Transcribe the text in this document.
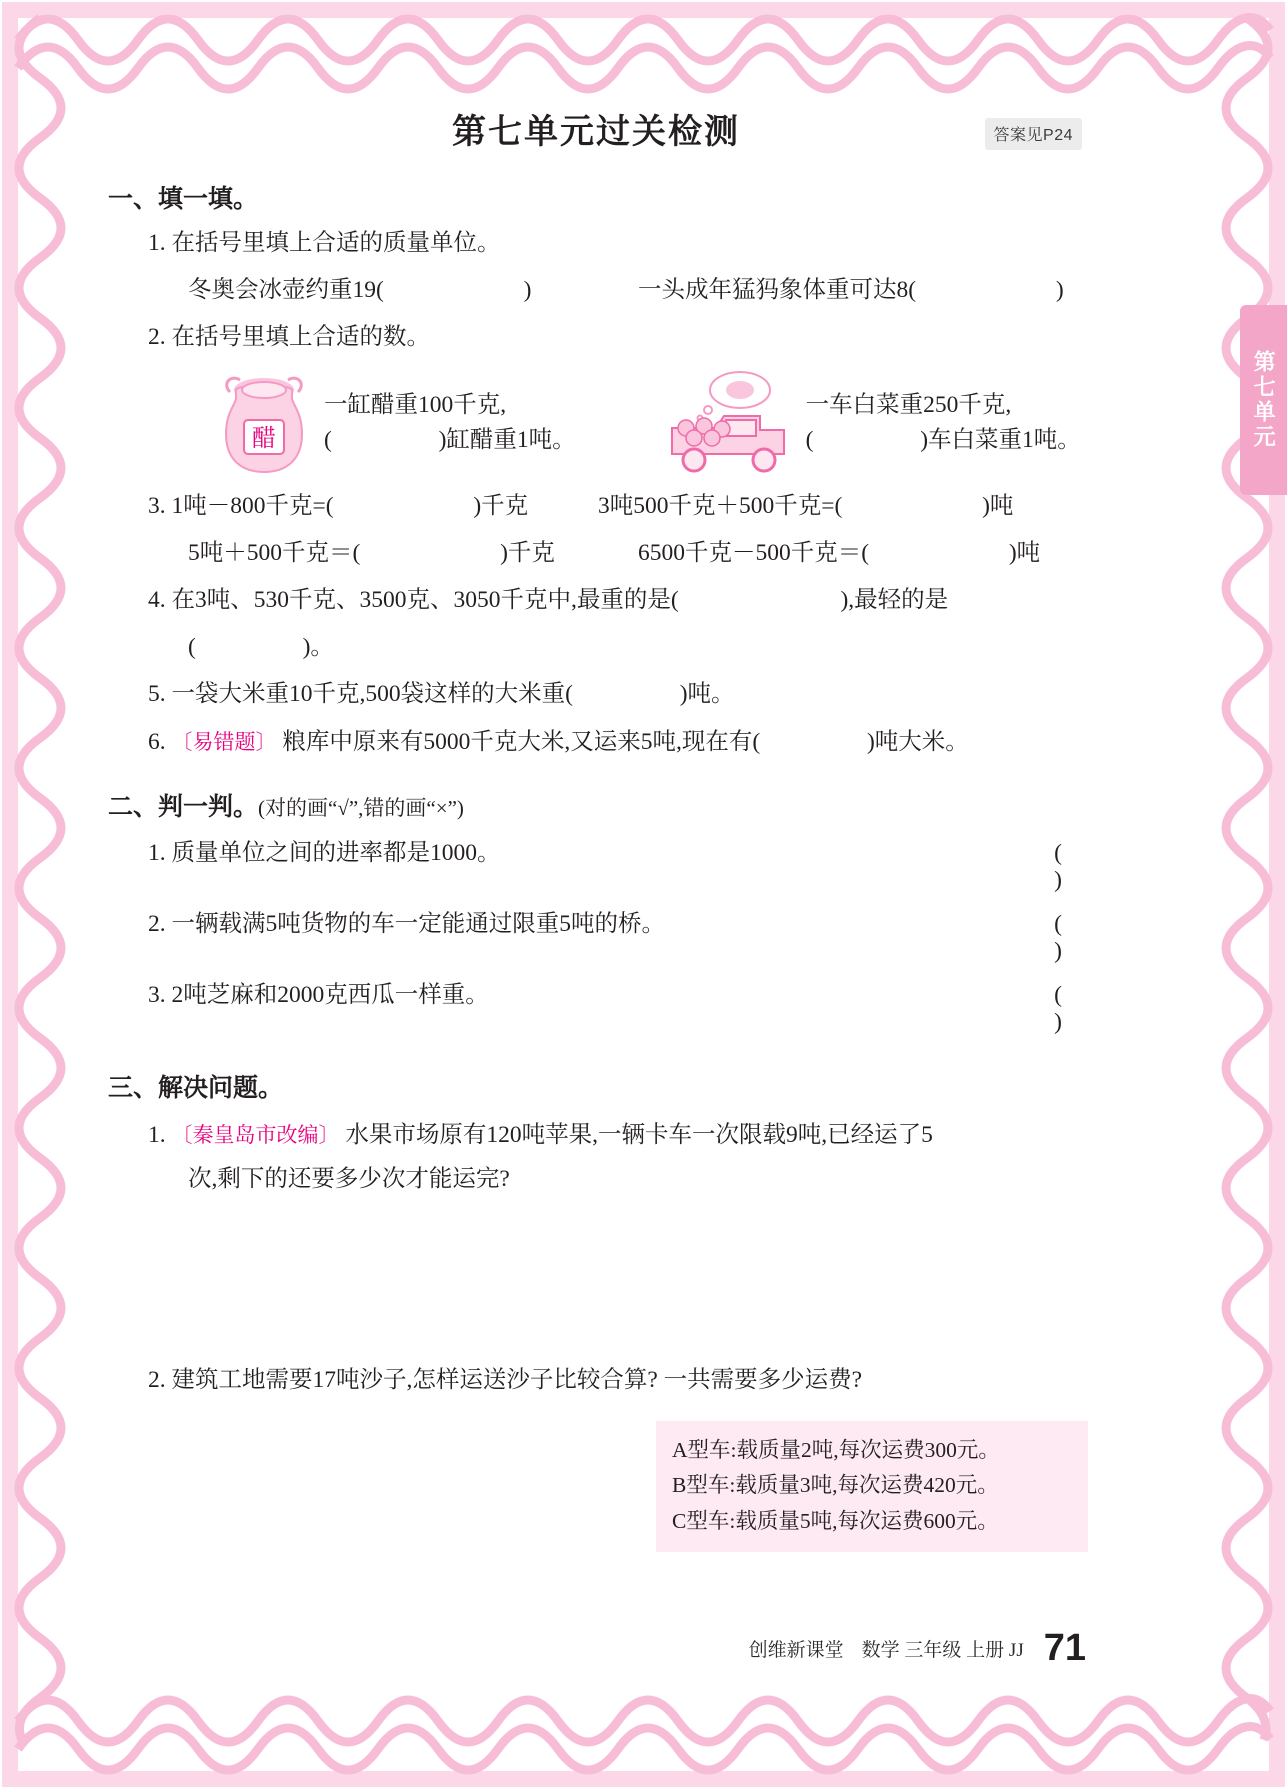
第七单元
第七单元过关检测	答案见P24
一、填一填。
1. 在括号里填上合适的质量单位。
冬奥会冰壶约重19(	)	一头成年猛犸象体重可达8(	)
2. 在括号里填上合适的数。
醋
一缸醋重100千克,
(	)缸醋重1吨。
一车白菜重250千克,
(	)车白菜重1吨。
3. 1吨－800千克=(	)千克	3吨500千克＋500千克=(	)吨
5吨＋500千克＝(	)千克	6500千克－500千克＝(	)吨
4. 在3吨、530千克、3500克、3050千克中,最重的是(	),最轻的是
(	)。
5. 一袋大米重10千克,500袋这样的大米重(	)吨。
6. 〔易错题〕 粮库中原来有5000千克大米,又运来5吨,现在有(	)吨大米。
二、判一判。(对的画“√”,错的画“×”)
1. 质量单位之间的进率都是1000。	( )
2. 一辆载满5吨货物的车一定能通过限重5吨的桥。	( )
3. 2吨芝麻和2000克西瓜一样重。	( )
三、解决问题。
1. 〔秦皇岛市改编〕 水果市场原有120吨苹果,一辆卡车一次限载9吨,已经运了5
次,剩下的还要多少次才能运完?
2. 建筑工地需要17吨沙子,怎样运送沙子比较合算? 一共需要多少运费?
A型车:载质量2吨,每次运费300元。
B型车:载质量3吨,每次运费420元。
C型车:载质量5吨,每次运费600元。
创维新课堂 数学 三年级 上册 JJ 71
